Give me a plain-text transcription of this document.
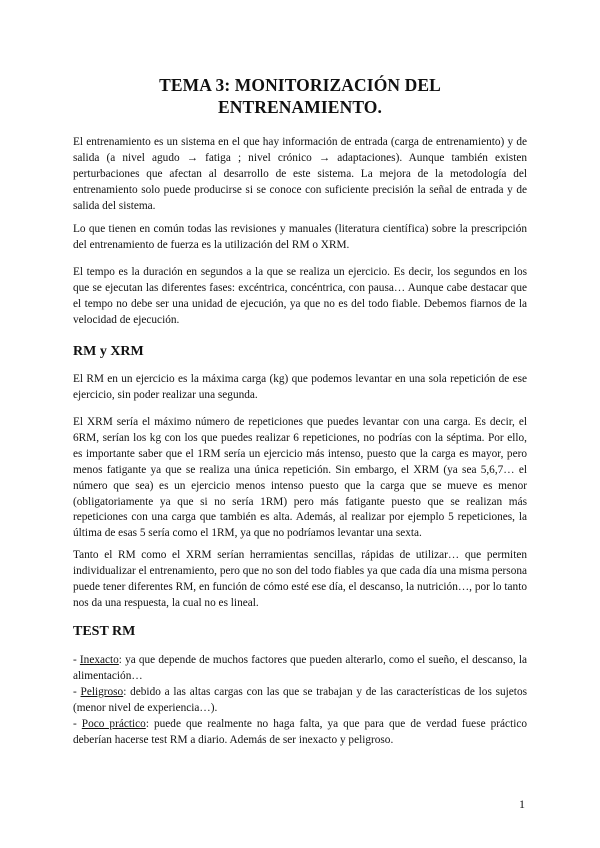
TEMA 3: MONITORIZACIÓN DEL
ENTRENAMIENTO.

El entrenamiento es un sistema en el que hay información de entrada (carga de entrenamiento) y de salida (a nivel agudo → fatiga ; nivel crónico → adaptaciones). Aunque también existen perturbaciones que afectan al desarrollo de este sistema. La mejora de la metodología del entrenamiento solo puede producirse si se conoce con suficiente precisión la señal de entrada y de salida del sistema.

Lo que tienen en común todas las revisiones y manuales (literatura científica) sobre la prescripción del entrenamiento de fuerza es la utilización del RM o XRM.

El tempo es la duración en segundos a la que se realiza un ejercicio. Es decir, los segundos en los que se ejecutan las diferentes fases: excéntrica, concéntrica, con pausa… Aunque cabe destacar que el tempo no debe ser una unidad de ejecución, ya que no es del todo fiable. Debemos fiarnos de la velocidad de ejecución.

RM y XRM

El RM en un ejercicio es la máxima carga (kg) que podemos levantar en una sola repetición de ese ejercicio, sin poder realizar una segunda.

El XRM sería el máximo número de repeticiones que puedes levantar con una carga. Es decir, el 6RM, serían los kg con los que puedes realizar 6 repeticiones, no podrías con la séptima. Por ello, es importante saber que el 1RM sería un ejercicio más intenso, puesto que la carga es mayor, pero menos fatigante ya que se realiza una única repetición. Sin embargo, el XRM (ya sea 5,6,7… el número que sea) es un ejercicio menos intenso puesto que la carga que se mueve es menor (obligatoriamente ya que si no sería 1RM) pero más fatigante puesto que se realizan más repeticiones con una carga que también es alta. Además, al realizar por ejemplo 5 repeticiones, la última de esas 5 sería como el 1RM, ya que no podríamos levantar una sexta.

Tanto el RM como el XRM serían herramientas sencillas, rápidas de utilizar… que permiten individualizar el entrenamiento, pero que no son del todo fiables ya que cada día una misma persona puede tener diferentes RM, en función de cómo esté ese día, el descanso, la nutrición…, por lo tanto nos da una respuesta, la cual no es lineal.

TEST RM

- Inexacto: ya que depende de muchos factores que pueden alterarlo, como el sueño, el descanso, la alimentación…

- Peligroso: debido a las altas cargas con las que se trabajan y de las características de los sujetos (menor nivel de experiencia…).

- Poco práctico: puede que realmente no haga falta, ya que para que de verdad fuese práctico deberían hacerse test RM a diario. Además de ser inexacto y peligroso.

1
